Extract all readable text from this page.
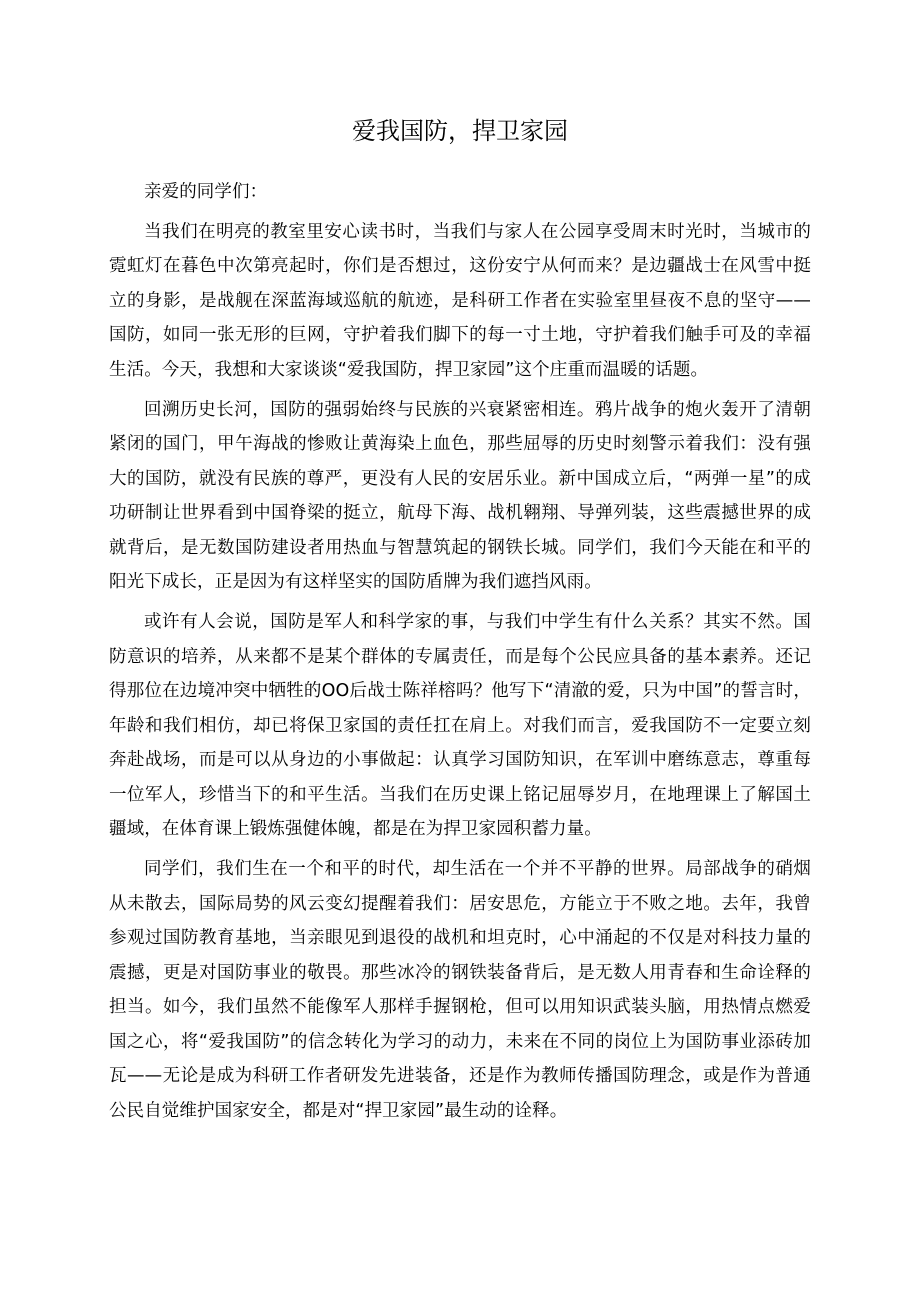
爱我国防，捍卫家园

亲爱的同学们：

当我们在明亮的教室里安心读书时，当我们与家人在公园享受周末时光时，当城市的霓虹灯在暮色中次第亮起时，你们是否想过，这份安宁从何而来？是边疆战士在风雪中挺立的身影，是战舰在深蓝海域巡航的航迹，是科研工作者在实验室里昼夜不息的坚守——国防，如同一张无形的巨网，守护着我们脚下的每一寸土地，守护着我们触手可及的幸福生活。今天，我想和大家谈谈“爱我国防，捍卫家园”这个庄重而温暖的话题。

回溯历史长河，国防的强弱始终与民族的兴衰紧密相连。鸦片战争的炮火轰开了清朝紧闭的国门，甲午海战的惨败让黄海染上血色，那些屈辱的历史时刻警示着我们：没有强大的国防，就没有民族的尊严，更没有人民的安居乐业。新中国成立后，“两弹一星”的成功研制让世界看到中国脊梁的挺立，航母下海、战机翱翔、导弹列装，这些震撼世界的成就背后，是无数国防建设者用热血与智慧筑起的钢铁长城。同学们，我们今天能在和平的阳光下成长，正是因为有这样坚实的国防盾牌为我们遮挡风雨。

或许有人会说，国防是军人和科学家的事，与我们中学生有什么关系？其实不然。国防意识的培养，从来都不是某个群体的专属责任，而是每个公民应具备的基本素养。还记得那位在边境冲突中牺牲的OO后战士陈祥榕吗？他写下“清澈的爱，只为中国”的誓言时，年龄和我们相仿，却已将保卫家国的责任扛在肩上。对我们而言，爱我国防不一定要立刻奔赴战场，而是可以从身边的小事做起：认真学习国防知识，在军训中磨练意志，尊重每一位军人，珍惜当下的和平生活。当我们在历史课上铭记屈辱岁月，在地理课上了解国土疆域，在体育课上锻炼强健体魄，都是在为捍卫家园积蓄力量。

同学们，我们生在一个和平的时代，却生活在一个并不平静的世界。局部战争的硝烟从未散去，国际局势的风云变幻提醒着我们：居安思危，方能立于不败之地。去年，我曾参观过国防教育基地，当亲眼见到退役的战机和坦克时，心中涌起的不仅是对科技力量的震撼，更是对国防事业的敬畏。那些冰冷的钢铁装备背后，是无数人用青春和生命诠释的担当。如今，我们虽然不能像军人那样手握钢枪，但可以用知识武装头脑，用热情点燃爱国之心，将“爱我国防”的信念转化为学习的动力，未来在不同的岗位上为国防事业添砖加瓦——无论是成为科研工作者研发先进装备，还是作为教师传播国防理念，或是作为普通公民自觉维护国家安全，都是对“捍卫家园”最生动的诠释。
